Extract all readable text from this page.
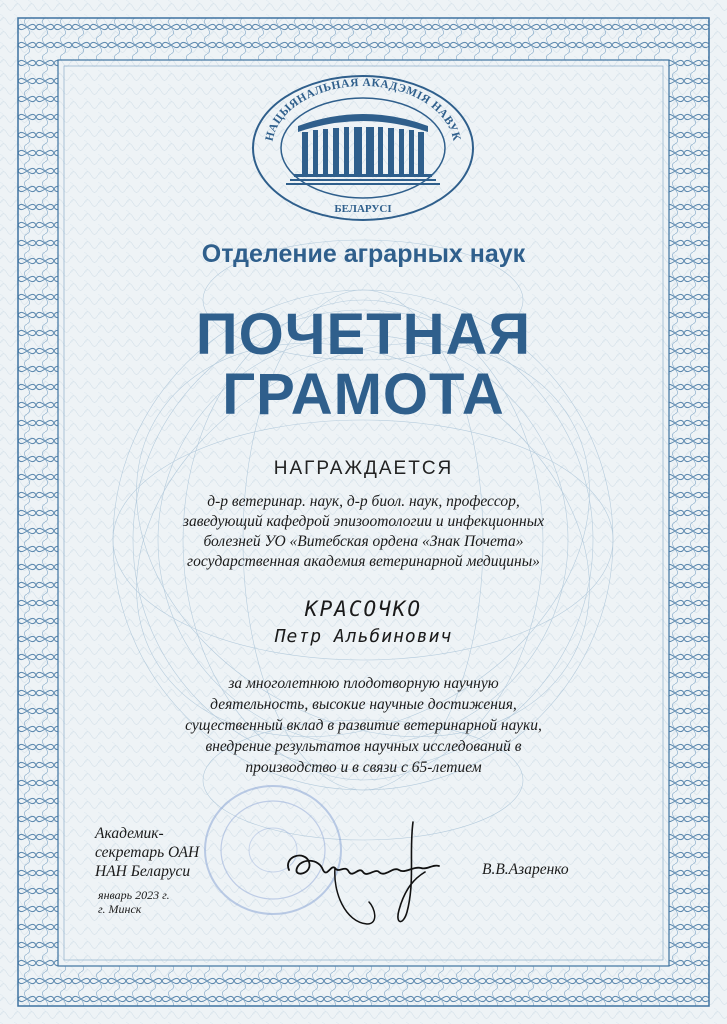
НАЦЫЯНАЛЬНАЯ АКАДЭМІЯ НАВУК
БЕЛАРУСІ
Отделение аграрных наук
ПОЧЕТНАЯ
ГРАМОТА
НАГРАЖДАЕТСЯ
д-р ветеринар. наук, д-р биол. наук, профессор,
заведующий кафедрой эпизоотологии и инфекционных
болезней УО «Витебская ордена «Знак Почета»
государственная академия ветеринарной медицины»
КРАСОЧКО
Петр Альбинович
за многолетнюю плодотворную научную
деятельность, высокие научные достижения,
существенный вклад в развитие ветеринарной науки,
внедрение результатов научных исследований в
производство и в связи с 65-летием
Академик-
секретарь ОАН
НАН Беларуси	В.В.Азаренко
январь 2023 г.
г. Минск
